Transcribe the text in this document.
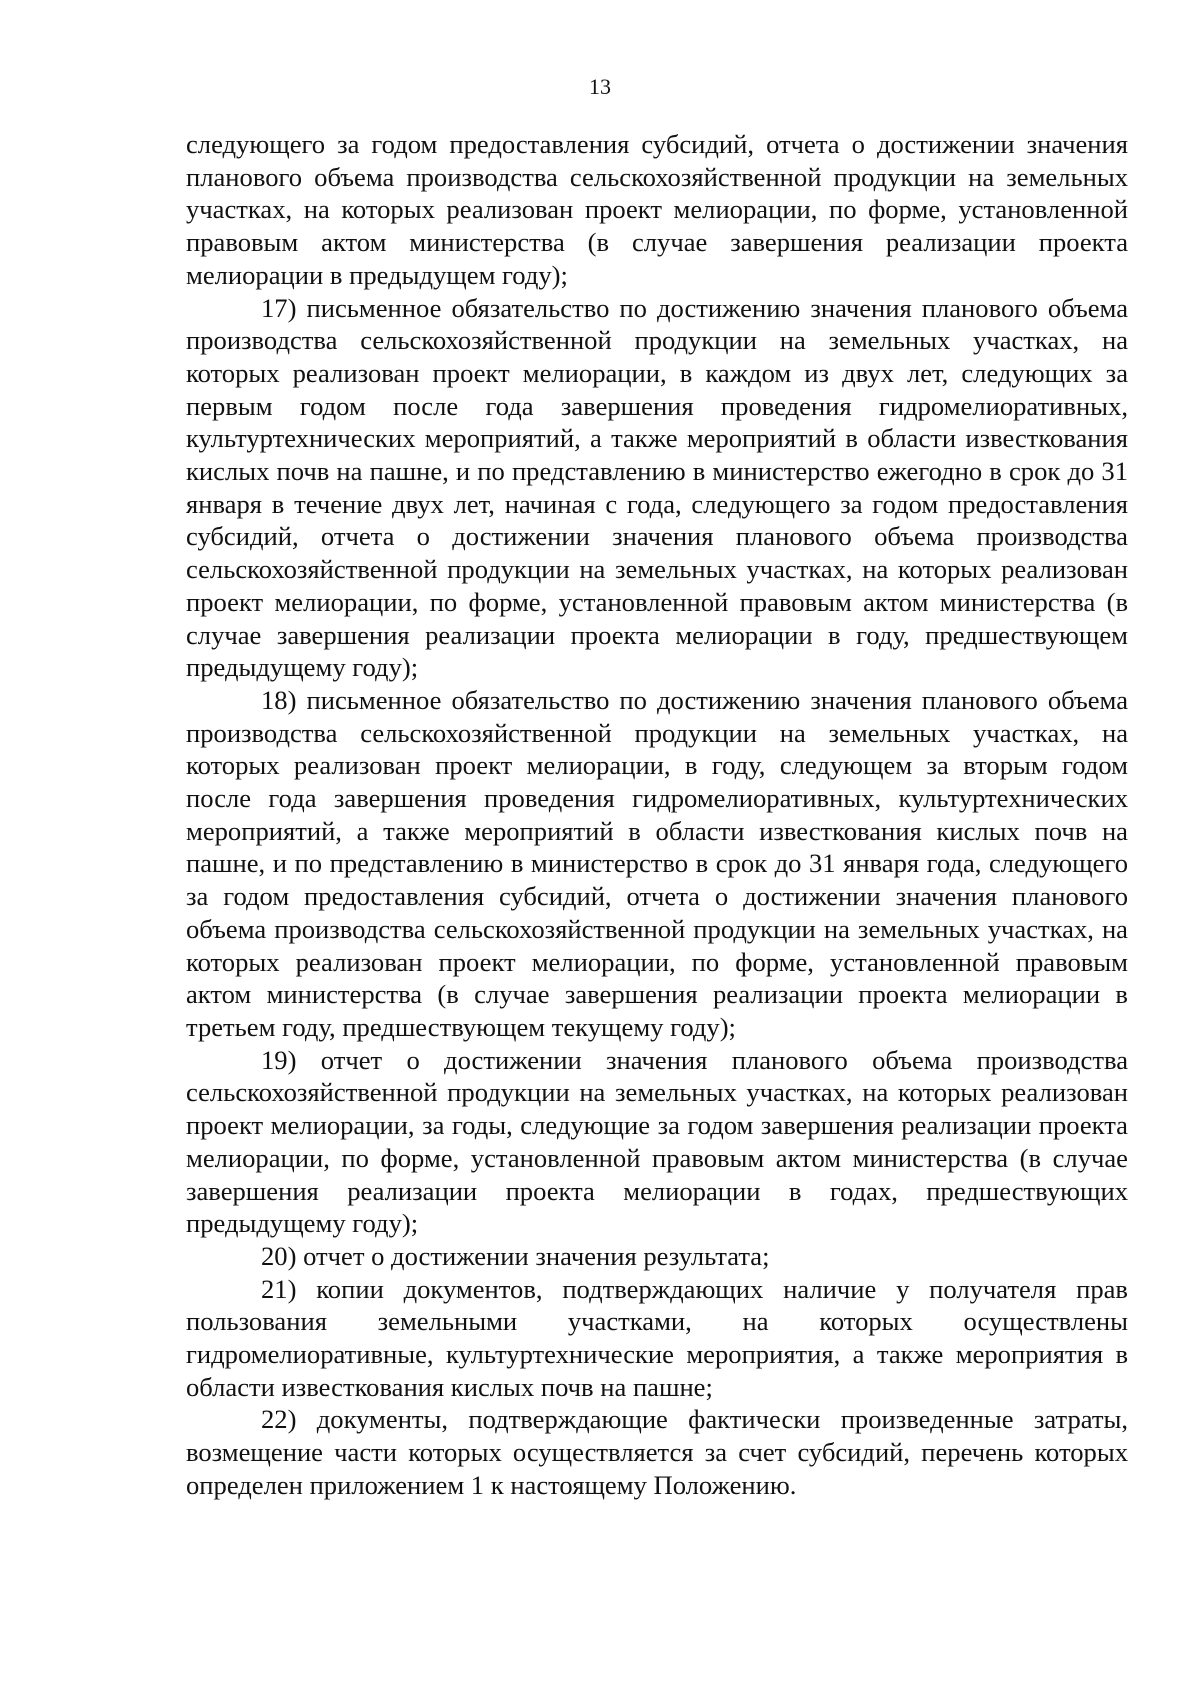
13

следующего за годом предоставления субсидий, отчета о достижении значения планового объема производства сельскохозяйственной продукции на земельных участках, на которых реализован проект мелиорации, по форме, установленной правовым актом министерства (в случае завершения реализации проекта мелиорации в предыдущем году);

17) письменное обязательство по достижению значения планового объема производства сельскохозяйственной продукции на земельных участках, на которых реализован проект мелиорации, в каждом из двух лет, следующих за первым годом после года завершения проведения гидромелиоративных, культуртехнических мероприятий, а также мероприятий в области известкования кислых почв на пашне, и по представлению в министерство ежегодно в срок до 31 января в течение двух лет, начиная с года, следующего за годом предоставления субсидий, отчета о достижении значения планового объема производства сельскохозяйственной продукции на земельных участках, на которых реализован проект мелиорации, по форме, установленной правовым актом министерства (в случае завершения реализации проекта мелиорации в году, предшествующем предыдущему году);

18) письменное обязательство по достижению значения планового объема производства сельскохозяйственной продукции на земельных участках, на которых реализован проект мелиорации, в году, следующем за вторым годом после года завершения проведения гидромелиоративных, культуртехнических мероприятий, а также мероприятий в области известкования кислых почв на пашне, и по представлению в министерство в срок до 31 января года, следующего за годом предоставления субсидий, отчета о достижении значения планового объема производства сельскохозяйственной продукции на земельных участках, на которых реализован проект мелиорации, по форме, установленной правовым актом министерства (в случае завершения реализации проекта мелиорации в третьем году, предшествующем текущему году);

19) отчет о достижении значения планового объема производства сельскохозяйственной продукции на земельных участках, на которых реализован проект мелиорации, за годы, следующие за годом завершения реализации проекта мелиорации, по форме, установленной правовым актом министерства (в случае завершения реализации проекта мелиорации в годах, предшествующих предыдущему году);

20) отчет о достижении значения результата;

21) копии документов, подтверждающих наличие у получателя прав пользования земельными участками, на которых осуществлены гидромелиоративные, культуртехнические мероприятия, а также мероприятия в области известкования кислых почв на пашне;

22) документы, подтверждающие фактически произведенные затраты, возмещение части которых осуществляется за счет субсидий, перечень которых определен приложением 1 к настоящему Положению.
